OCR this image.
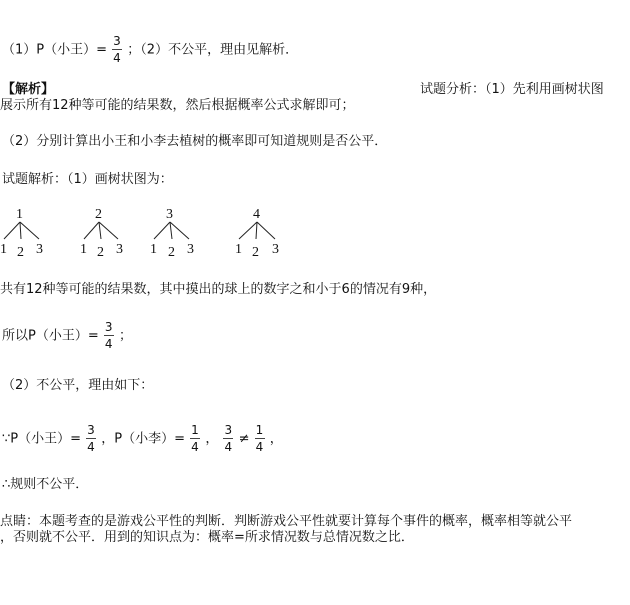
（1）P（小王）= $\frac{3}{4}$ ；（2）不公平，理由见解析．
【解析】	试题分析：（1）先利用画树状图
展示所有12种等可能的结果数，然后根据概率公式求解即可；
（2）分别计算出小王和小李去植树的概率即可知道规则是否公平．
试题解析：（1）画树状图为：
1
1 2 3
2
1 2 3
3
1 2 3
4
1 2 3
共有12种等可能的结果数，其中摸出的球上的数字之和小于6的情况有9种，
所以P（小王）= $\frac{3}{4}$ ；
（2）不公平，理由如下：
∵P（小王）= $\frac{3}{4}$ ，P（小李）= $\frac{1}{4}$ ， $\frac{3}{4} \ne \frac{1}{4}$ ，
∴规则不公平．
点睛：本题考查的是游戏公平性的判断．判断游戏公平性就要计算每个事件的概率，概率相等就公平
，否则就不公平．用到的知识点为：概率=所求情况数与总情况数之比．
